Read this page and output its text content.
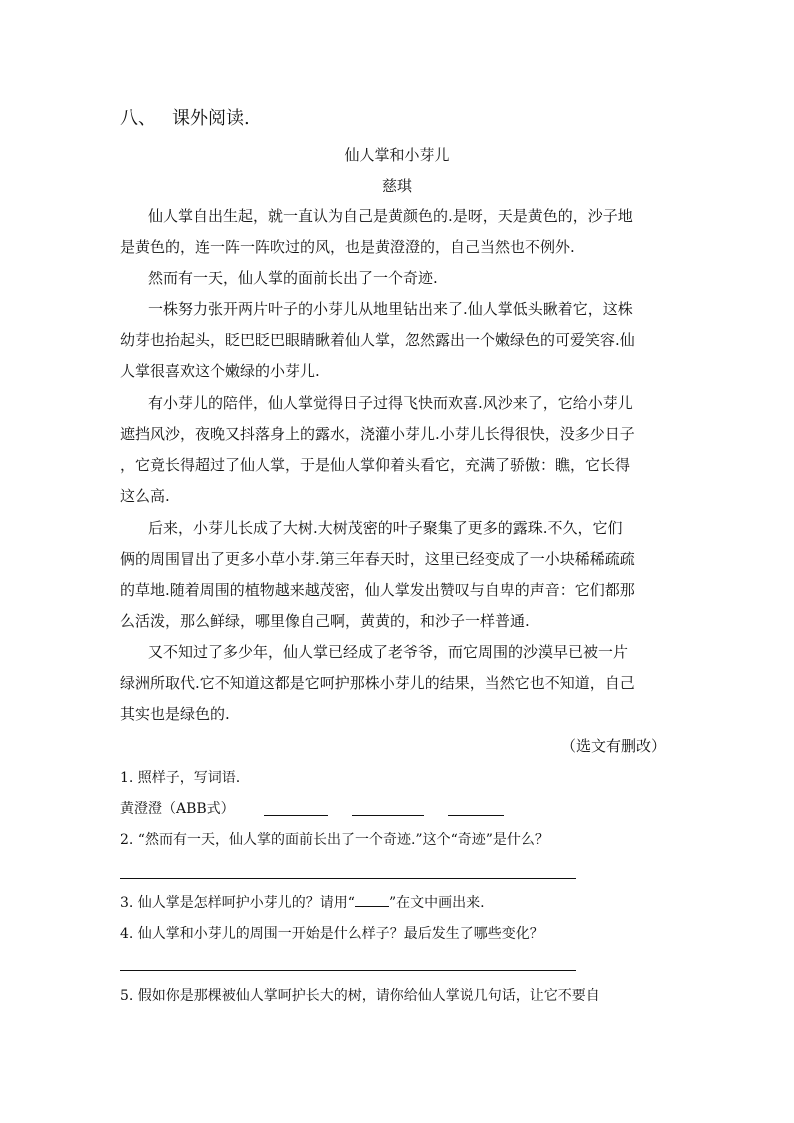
八、 课外阅读.
仙人掌和小芽儿
慈琪
仙人掌自出生起，就一直认为自己是黄颜色的.是呀，天是黄色的，沙子地
是黄色的，连一阵一阵吹过的风，也是黄澄澄的，自己当然也不例外.
然而有一天，仙人掌的面前长出了一个奇迹.
一株努力张开两片叶子的小芽儿从地里钻出来了.仙人掌低头瞅着它，这株
幼芽也抬起头，眨巴眨巴眼睛瞅着仙人掌，忽然露出一个嫩绿色的可爱笑容.仙
人掌很喜欢这个嫩绿的小芽儿.
有小芽儿的陪伴，仙人掌觉得日子过得飞快而欢喜.风沙来了，它给小芽儿
遮挡风沙，夜晚又抖落身上的露水，浇灌小芽儿.小芽儿长得很快，没多少日子
，它竟长得超过了仙人掌，于是仙人掌仰着头看它，充满了骄傲：瞧，它长得
这么高.
后来，小芽儿长成了大树.大树茂密的叶子聚集了更多的露珠.不久，它们
俩的周围冒出了更多小草小芽.第三年春天时，这里已经变成了一小块稀稀疏疏
的草地.随着周围的植物越来越茂密，仙人掌发出赞叹与自卑的声音：它们都那
么活泼，那么鲜绿，哪里像自己啊，黄黄的，和沙子一样普通.
又不知过了多少年，仙人掌已经成了老爷爷，而它周围的沙漠早已被一片
绿洲所取代.它不知道这都是它呵护那株小芽儿的结果，当然它也不知道，自己
其实也是绿色的.
（选文有删改）
1. 照样子，写词语.
黄澄澄（ABB式）
2. “然而有一天，仙人掌的面前长出了一个奇迹.”这个“奇迹”是什么？
3. 仙人掌是怎样呵护小芽儿的？请用“ ”在文中画出来.
4. 仙人掌和小芽儿的周围一开始是什么样子？最后发生了哪些变化？
5. 假如你是那棵被仙人掌呵护长大的树，请你给仙人掌说几句话，让它不要自
